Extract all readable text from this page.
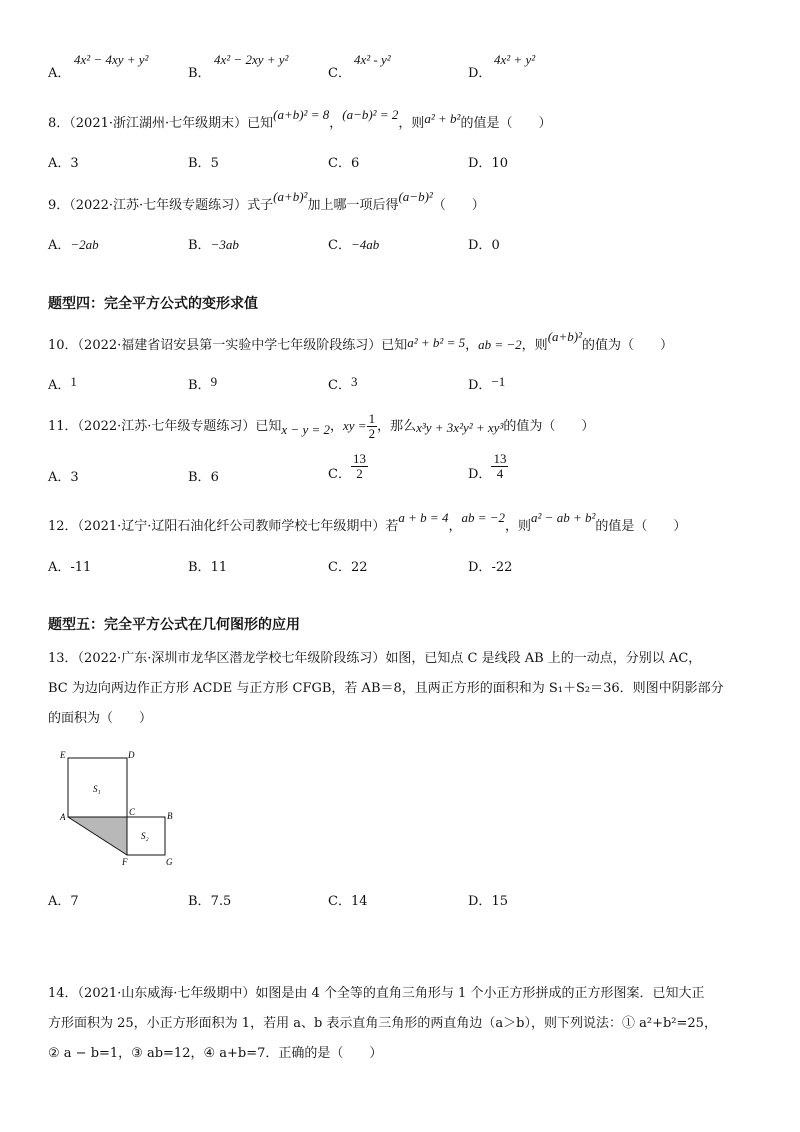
A．
4x² − 4xy + y²
B．
4x² − 2xy + y²
C．
4x² - y²
D．
4x² + y²
8．（2021·浙江湖州·七年级期末）已知(a+b)² = 8，(a−b)² = 2，则a² + b²的值是（　　）
A．3	B．5	C．6	D．10
9．（2022·江苏·七年级专题练习）式子(a+b)²加上哪一项后得(a−b)²（　　）
A．−2ab	B．−3ab	C．−4ab	D．0
题型四：完全平方公式的变形求值
10．（2022·福建省诏安县第一实验中学七年级阶段练习）已知a² + b² = 5，ab = −2，则(a+b)²的值为（　　）
A．1	B．9	C．3	D．−1
11．（2022·江苏·七年级专题练习）已知x − y = 2，xy = $\frac{1}{2}$ ，那么x³y + 3x²y² + xy³的值为（　　）
A．3	B．6	C． $\frac{13}{2}$	D． $\frac{13}{4}$
12．（2021·辽宁·辽阳石油化纤公司教师学校七年级期中）若a + b = 4，ab = −2，则a² − ab + b²的值是（　　）
A．-11	B．11	C．22	D．-22
题型五：完全平方公式在几何图形的应用
13．（2022·广东·深圳市龙华区潜龙学校七年级阶段练习）如图，已知点 C 是线段 AB 上的一动点，分别以 AC，
BC 为边向两边作正方形 ACDE 与正方形 CFGB，若 AB＝8，且两正方形的面积和为 S₁＋S₂＝36．则图中阴影部分
的面积为（　　）
E	D
A	C	B
F	G
S₁
S₂
A．7	B．7.5	C．14	D．15
14．（2021·山东威海·七年级期中）如图是由 4 个全等的直角三角形与 1 个小正方形拼成的正方形图案．已知大正
方形面积为 25，小正方形面积为 1，若用 a、b 表示直角三角形的两直角边（a＞b），则下列说法：① a²+b²=25，
② a − b=1，③ ab=12，④ a+b=7．正确的是（　　）
